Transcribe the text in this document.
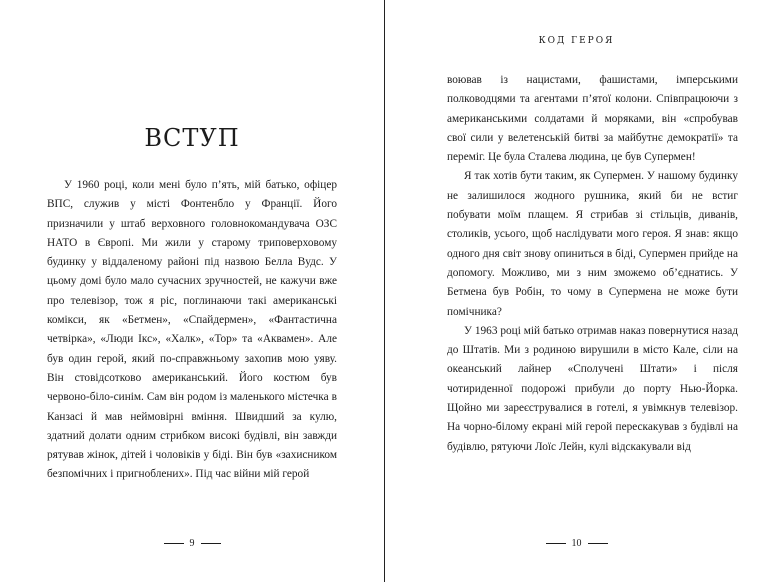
ВСТУП

У 1960 році, коли мені було п’ять, мій батько, офіцер ВПС, служив у місті Фонтенбло у Франції. Його призначили у штаб верховного головнокомандувача ОЗС НАТО в Європі. Ми жили у старому триповерховому будинку у віддаленому районі під назвою Белла Вудс. У цьому домі було мало сучасних зручностей, не кажучи вже про телевізор, тож я ріс, поглинаючи такі американські комікси, як «Бетмен», «Спайдермен», «Фантастична четвірка», «Люди Ікс», «Халк», «Тор» та «Аквамен». Але був один герой, який по-справжньому захопив мою уяву. Він стовідсотково американський. Його костюм був червоно-біло-синім. Сам він родом із маленького містечка в Канзасі й мав неймовірні вміння. Швидший за кулю, здатний долати одним стрибком високі будівлі, він завжди рятував жінок, дітей і чоловіків у біді. Він був «захисником безпомічних і пригноблених». Під час війни мій герой

9
КОД ГЕРОЯ

воював із нацистами, фашистами, імперськими полководцями та агентами п’ятої колони. Співпрацюючи з американськими солдатами й моряками, він «спробував свої сили у велетенській битві за майбутнє демократії» та переміг. Це була Сталева людина, це був Супермен!

Я так хотів бути таким, як Супермен. У нашому будинку не залишилося жодного рушника, який би не встиг побувати моїм плащем. Я стрибав зі стільців, диванів, столиків, усього, щоб наслідувати мого героя. Я знав: якщо одного дня світ знову опиниться в біді, Супермен прийде на допомогу. Можливо, ми з ним зможемо об’єднатись. У Бетмена був Робін, то чому в Супермена не може бути помічника?

У 1963 році мій батько отримав наказ повернутися назад до Штатів. Ми з родиною вирушили в місто Кале, сіли на океанський лайнер «Сполучені Штати» і після чотириденної подорожі прибули до порту Нью-Йорка. Щойно ми зареєструвалися в готелі, я увімкнув телевізор. На чорно-білому екрані мій герой перескакував з будівлі на будівлю, рятуючи Лоїс Лейн, кулі відскакували від

10
